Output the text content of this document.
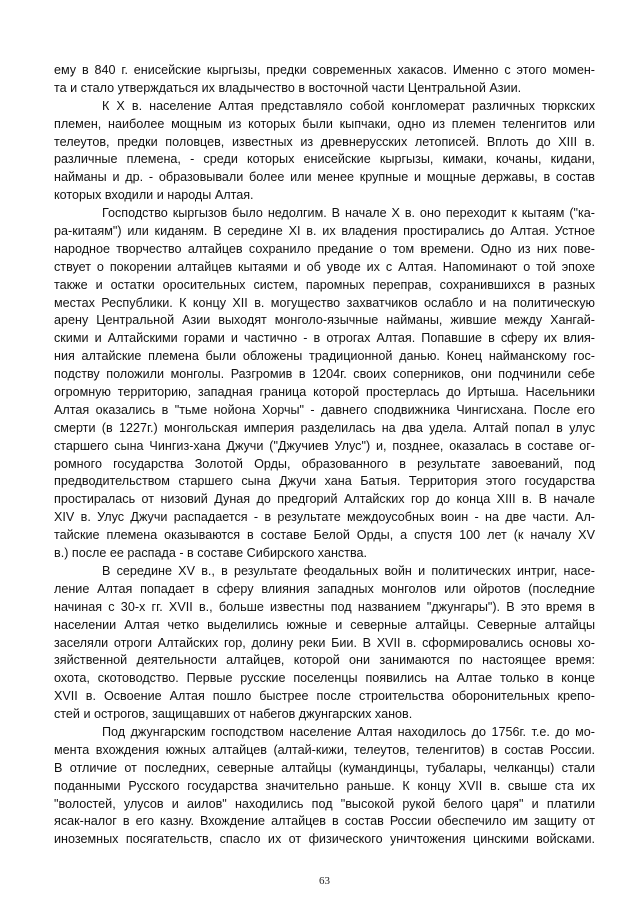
ему в 840 г. енисейские кыргызы, предки современных хакасов. Именно с этого момен-
та и стало утверждаться их владычество в восточной части Центральной Азии.
К X в. население Алтая представляло собой конгломерат различных тюркских
племен, наиболее мощным из которых были кыпчаки, одно из племен теленгитов или
телеутов, предки половцев, известных из древнерусских летописей. Вплоть до XIII в.
различные племена, - среди которых енисейские кыргызы, кимаки, кочаны, кидани,
найманы и др. - образовывали более или менее крупные и мощные державы, в состав
которых входили и народы Алтая.
Господство кыргызов было недолгим. В начале X в. оно переходит к кытаям ("ка-
ра-китаям") или киданям. В середине XI в. их владения простирались до Алтая. Устное
народное творчество алтайцев сохранило предание о том времени. Одно из них пове-
ствует о покорении алтайцев кытаями и об уводе их с Алтая. Напоминают о той эпохе
также и остатки оросительных систем, паромных переправ, сохранившихся в разных
местах Республики. К концу XII в. могущество захватчиков ослабло и на политическую
арену Центральной Азии выходят монголо-язычные найманы, жившие между Хангай-
скими и Алтайскими горами и частично - в отрогах Алтая. Попавшие в сферу их влия-
ния алтайские племена были обложены традиционной данью. Конец найманскому гос-
подству положили монголы. Разгромив в 1204г. своих соперников, они подчинили себе
огромную территорию, западная граница которой простерлась до Иртыша. Насельники
Алтая оказались в "тьме нойона Хорчы" - давнего сподвижника Чингисхана. После его
смерти (в 1227г.) монгольская империя разделилась на два удела. Алтай попал в улус
старшего сына Чингиз-хана Джучи ("Джучиев Улус") и, позднее, оказалась в составе ог-
ромного государства Золотой Орды, образованного в результате завоеваний, под
предводительством старшего сына Джучи хана Батыя. Территория этого государства
простиралась от низовий Дуная до предгорий Алтайских гор до конца XIII в. В начале
XIV в. Улус Джучи распадается - в результате междоусобных воин - на две части. Ал-
тайские племена оказываются в составе Белой Орды, а спустя 100 лет (к началу XV
в.) после ее распада - в составе Сибирского ханства.
В середине XV в., в результате феодальных войн и политических интриг, насе-
ление Алтая попадает в сферу влияния западных монголов или ойротов (последние
начиная с 30-х гг. XVII в., больше известны под названием "джунгары"). В это время в
населении Алтая четко выделились южные и северные алтайцы. Северные алтайцы
заселяли отроги Алтайских гор, долину реки Бии. В XVII в. сформировались основы хо-
зяйственной деятельности алтайцев, которой они занимаются по настоящее время:
охота, скотоводство. Первые русские поселенцы появились на Алтае только в конце
XVII в. Освоение Алтая пошло быстрее после строительства оборонительных крепо-
стей и острогов, защищавших от набегов джунгарских ханов.
Под джунгарским господством население Алтая находилось до 1756г. т.е. до мо-
мента вхождения южных алтайцев (алтай-кижи, телеутов, теленгитов) в состав России.
В отличие от последних, северные алтайцы (кумандинцы, тубалары, челканцы) стали
поданными Русского государства значительно раньше. К концу XVII в. свыше ста их
"волостей, улусов и аилов" находились под "высокой рукой белого царя" и платили
ясак-налог в его казну. Вхождение алтайцев в состав России обеспечило им защиту от
иноземных посягательств, спасло их от физического уничтожения цинскими войсками.
63
